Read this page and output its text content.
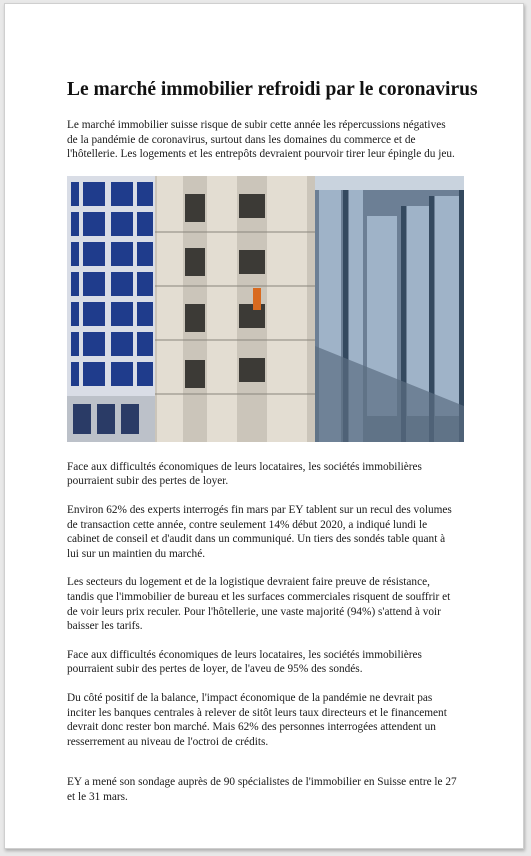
Le marché immobilier refroidi par le coronavirus

Le marché immobilier suisse risque de subir cette année les répercussions négatives de la pandémie de coronavirus, surtout dans les domaines du commerce et de l'hôtellerie. Les logements et les entrepôts devraient pourvoir tirer leur épingle du jeu.

Face aux difficultés économiques de leurs locataires, les sociétés immobilières pourraient subir des pertes de loyer.

Environ 62% des experts interrogés fin mars par EY tablent sur un recul des volumes de transaction cette année, contre seulement 14% début 2020, a indiqué lundi le cabinet de conseil et d'audit dans un communiqué. Un tiers des sondés table quant à lui sur un maintien du marché.

Les secteurs du logement et de la logistique devraient faire preuve de résistance, tandis que l'immobilier de bureau et les surfaces commerciales risquent de souffrir et de voir leurs prix reculer. Pour l'hôtellerie, une vaste majorité (94%) s'attend à voir baisser les tarifs.

Face aux difficultés économiques de leurs locataires, les sociétés immobilières pourraient subir des pertes de loyer, de l'aveu de 95% des sondés.

Du côté positif de la balance, l'impact économique de la pandémie ne devrait pas inciter les banques centrales à relever de sitôt leurs taux directeurs et le financement devrait donc rester bon marché. Mais 62% des personnes interrogées attendent un resserrement au niveau de l'octroi de crédits.

EY a mené son sondage auprès de 90 spécialistes de l'immobilier en Suisse entre le 27 et le 31 mars.
